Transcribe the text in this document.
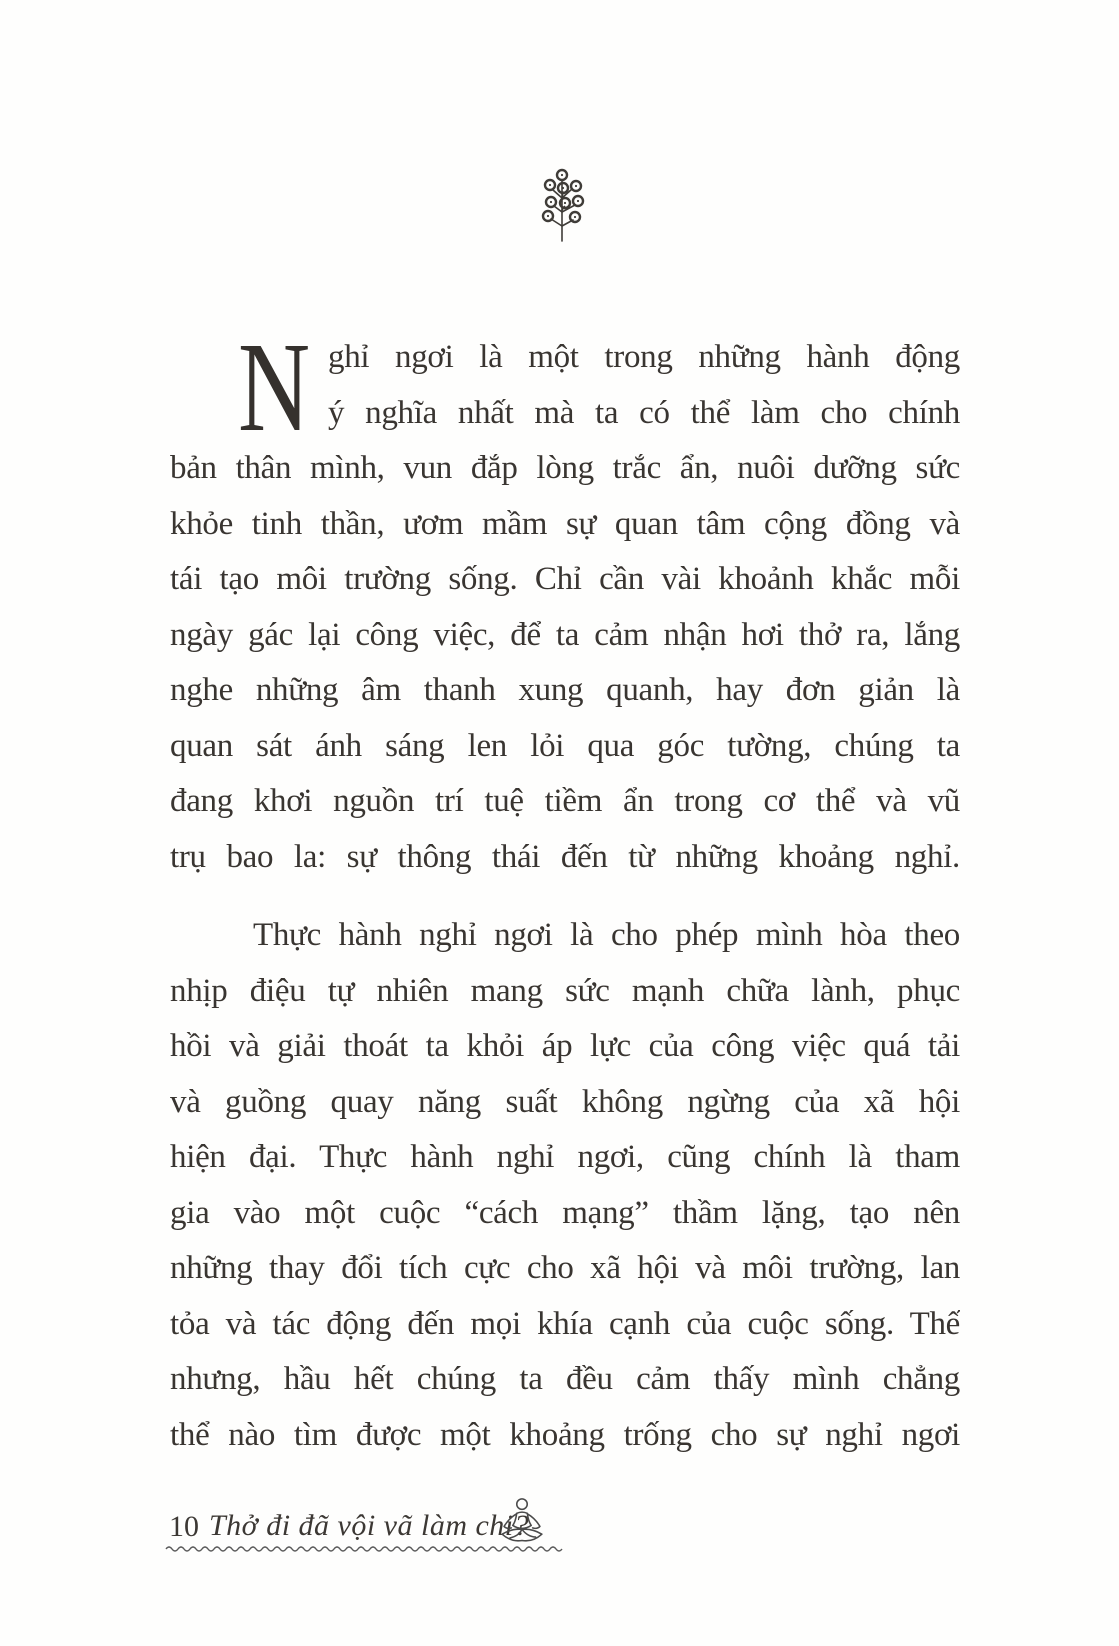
N ghỉ ngơi là một trong những hành động
ý nghĩa nhất mà ta có thể làm cho chính
bản thân mình, vun đắp lòng trắc ẩn, nuôi dưỡng sức
khỏe tinh thần, ươm mầm sự quan tâm cộng đồng và
tái tạo môi trường sống. Chỉ cần vài khoảnh khắc mỗi
ngày gác lại công việc, để ta cảm nhận hơi thở ra, lắng
nghe những âm thanh xung quanh, hay đơn giản là
quan sát ánh sáng len lỏi qua góc tường, chúng ta
đang khơi nguồn trí tuệ tiềm ẩn trong cơ thể và vũ
trụ bao la: sự thông thái đến từ những khoảng nghỉ.
Thực hành nghỉ ngơi là cho phép mình hòa theo
nhịp điệu tự nhiên mang sức mạnh chữa lành, phục
hồi và giải thoát ta khỏi áp lực của công việc quá tải
và guồng quay năng suất không ngừng của xã hội
hiện đại. Thực hành nghỉ ngơi, cũng chính là tham
gia vào một cuộc “cách mạng” thầm lặng, tạo nên
những thay đổi tích cực cho xã hội và môi trường, lan
tỏa và tác động đến mọi khía cạnh của cuộc sống. Thế
nhưng, hầu hết chúng ta đều cảm thấy mình chẳng
thể nào tìm được một khoảng trống cho sự nghỉ ngơi
10 Thở đi đã vội vã làm chi?
